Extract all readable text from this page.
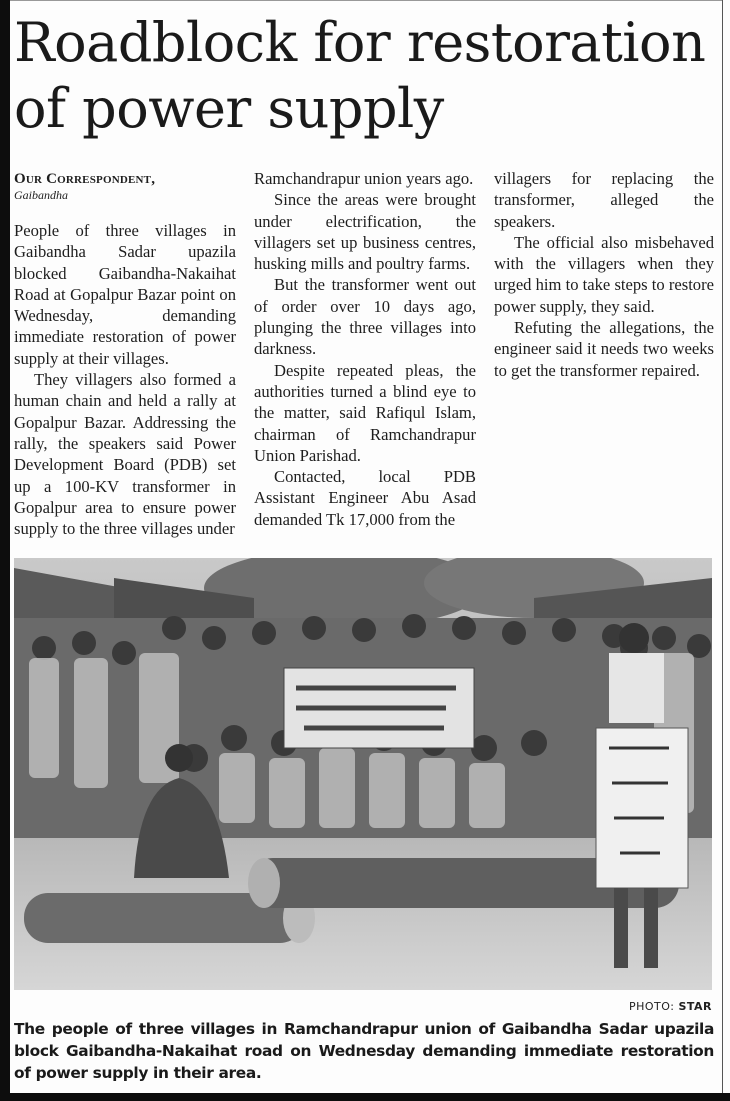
Roadblock for restoration of power supply
Our Correspondent,
Gaibandha

People of three villages in Gaibandha Sadar upazila blocked Gaibandha-Nakaihat Road at Gopalpur Bazar point on Wednesday, demanding immediate restoration of power supply at their villages.

They villagers also formed a human chain and held a rally at Gopalpur Bazar. Addressing the rally, the speakers said Power Development Board (PDB) set up a 100-KV transformer in Gopalpur area to ensure power supply to the three villages under

Ramchandrapur union years ago.

Since the areas were brought under electrification, the villagers set up business centres, husking mills and poultry farms.

But the transformer went out of order over 10 days ago, plunging the three villages into darkness.

Despite repeated pleas, the authorities turned a blind eye to the matter, said Rafiqul Islam, chairman of Ramchandrapur Union Parishad.

Contacted, local PDB Assistant Engineer Abu Asad demanded Tk 17,000 from the

villagers for replacing the transformer, alleged the speakers.

The official also misbehaved with the villagers when they urged him to take steps to restore power supply, they said.

Refuting the allegations, the engineer said it needs two weeks to get the transformer repaired.

PHOTO: STAR
The people of three villages in Ramchandrapur union of Gaibandha Sadar upazila block Gaibandha-Nakaihat road on Wednesday demanding immediate restoration of power supply in their area.
